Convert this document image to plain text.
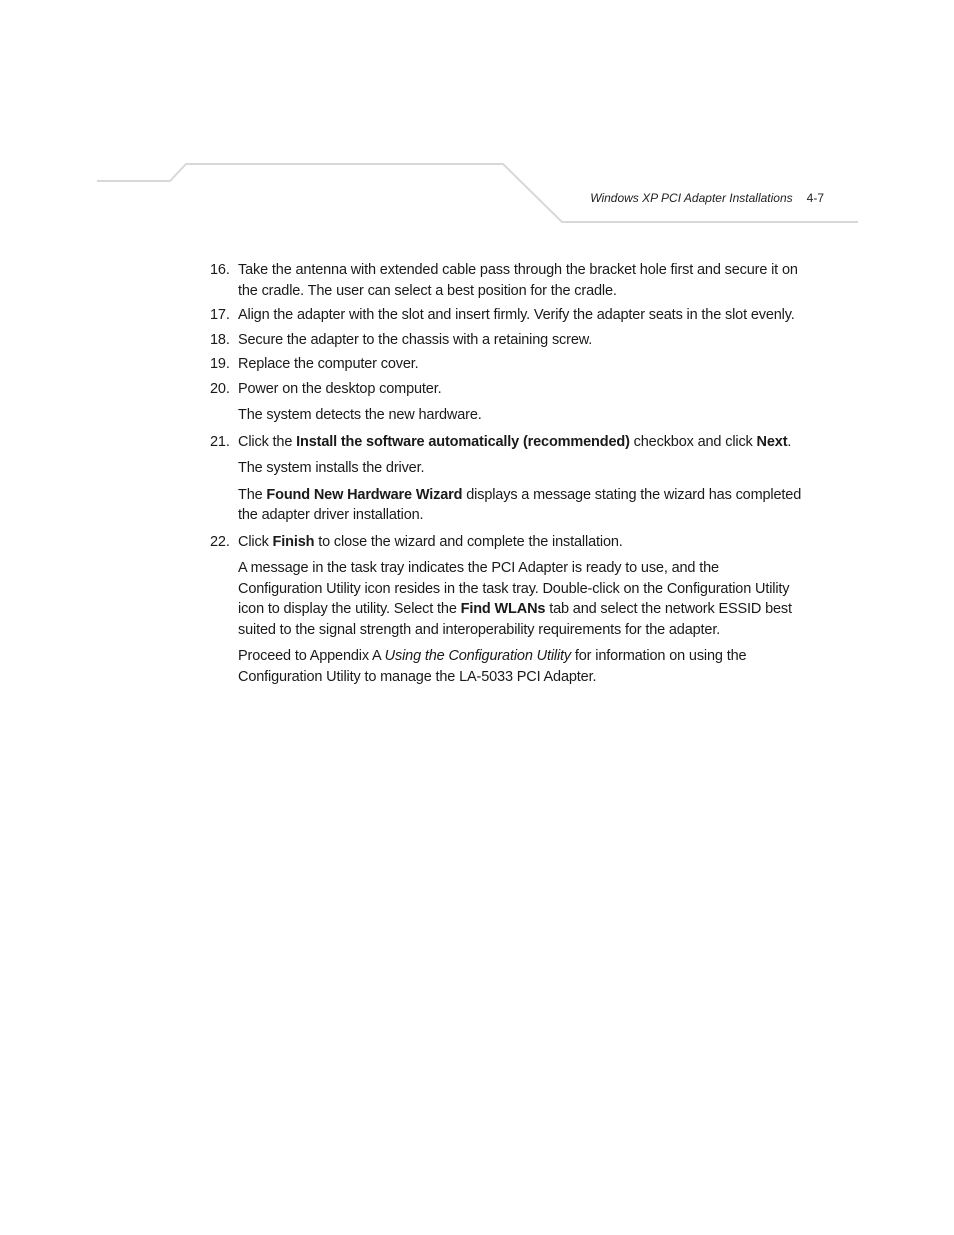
Windows XP PCI Adapter Installations 4-7
16. Take the antenna with extended cable pass through the bracket hole first and secure it on the cradle. The user can select a best position for the cradle.
17. Align the adapter with the slot and insert firmly. Verify the adapter seats in the slot evenly.
18. Secure the adapter to the chassis with a retaining screw.
19. Replace the computer cover.
20. Power on the desktop computer.
The system detects the new hardware.
21. Click the Install the software automatically (recommended) checkbox and click Next.
The system installs the driver.
The Found New Hardware Wizard displays a message stating the wizard has completed the adapter driver installation.
22. Click Finish to close the wizard and complete the installation.
A message in the task tray indicates the PCI Adapter is ready to use, and the Configuration Utility icon resides in the task tray. Double-click on the Configuration Utility icon to display the utility. Select the Find WLANs tab and select the network ESSID best suited to the signal strength and interoperability requirements for the adapter.
Proceed to Appendix A Using the Configuration Utility for information on using the Configuration Utility to manage the LA-5033 PCI Adapter.
